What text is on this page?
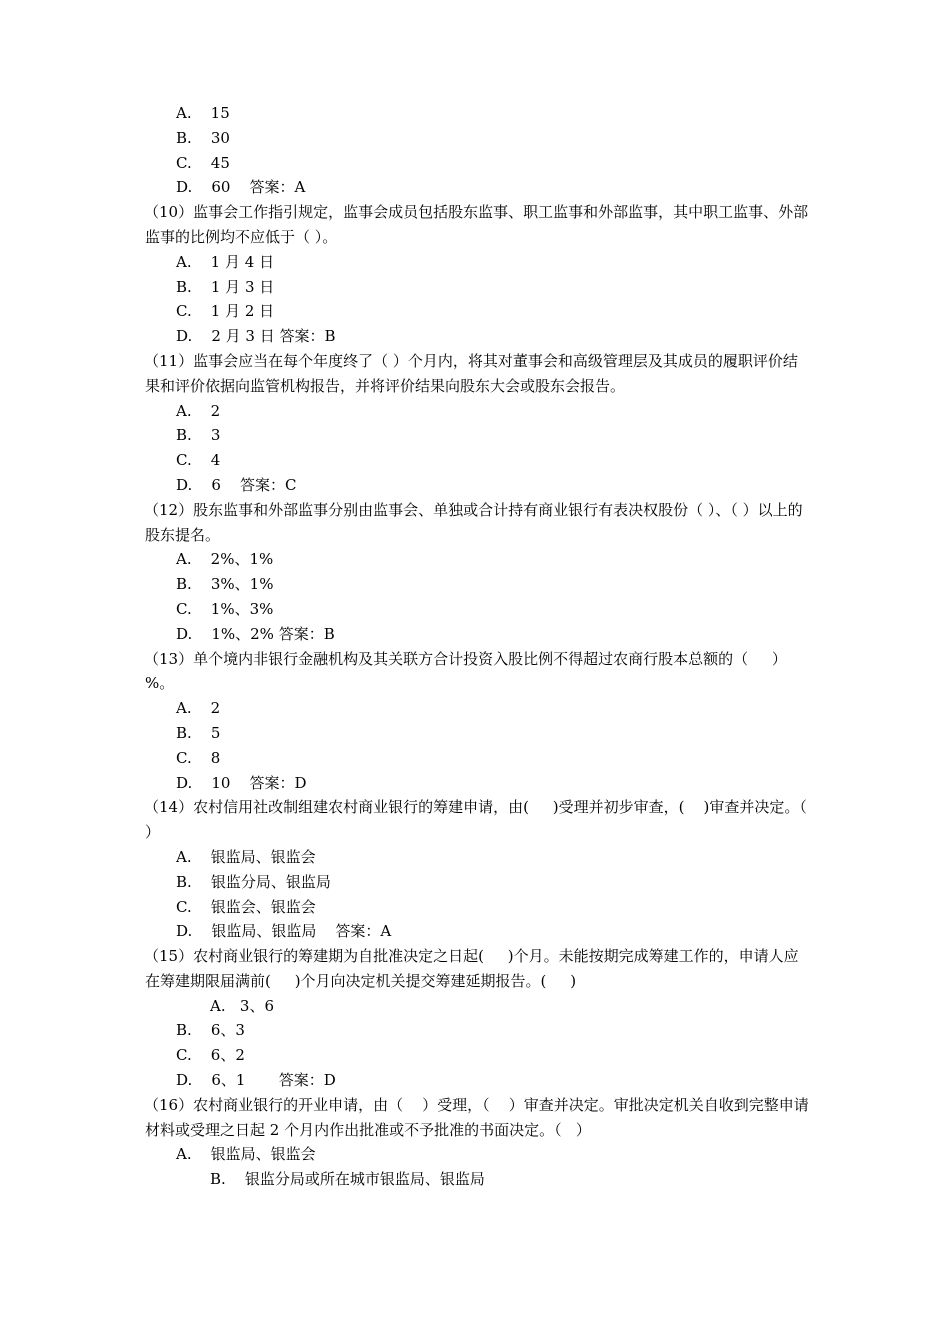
A.    15
B.    30
C.    45
D.    60    答案：A
（10）监事会工作指引规定，监事会成员包括股东监事、职工监事和外部监事，其中职工监事、外部监事的比例均不应低于（ ）。
A.    1 月 4 日
B.    1 月 3 日
C.    1 月 2 日
D.    2 月 3 日 答案：B
（11）监事会应当在每个年度终了（ ）个月内，将其对董事会和高级管理层及其成员的履职评价结果和评价依据向监管机构报告，并将评价结果向股东大会或股东会报告。
A.    2
B.    3
C.    4
D.    6    答案：C
（12）股东监事和外部监事分别由监事会、单独或合计持有商业银行有表决权股份（ ）、（ ）以上的股东提名。
A.    2%、1%
B.    3%、1%
C.    1%、3%
D.    1%、2% 答案：B
（13）单个境内非银行金融机构及其关联方合计投资入股比例不得超过农商行股本总额的（     ）%。
A.    2
B.    5
C.    8
D.    10    答案：D
（14）农村信用社改制组建农村商业银行的筹建申请，由(     )受理并初步审查，(    )审查并决定。（ ）
A.    银监局、银监会
B.    银监分局、银监局
C.    银监会、银监会
D.    银监局、银监局    答案：A
（15）农村商业银行的筹建期为自批准决定之日起(     )个月。未能按期完成筹建工作的，申请人应在筹建期限届满前(     )个月向决定机关提交筹建延期报告。(     )
A.   3、6
B.    6、3
C.    6、2
D.    6、1       答案：D
（16）农村商业银行的开业申请，由（    ）受理，（    ）审查并决定。审批决定机关自收到完整申请材料或受理之日起 2 个月内作出批准或不予批准的书面决定。（   ）
A.    银监局、银监会
B.    银监分局或所在城市银监局、银监局
